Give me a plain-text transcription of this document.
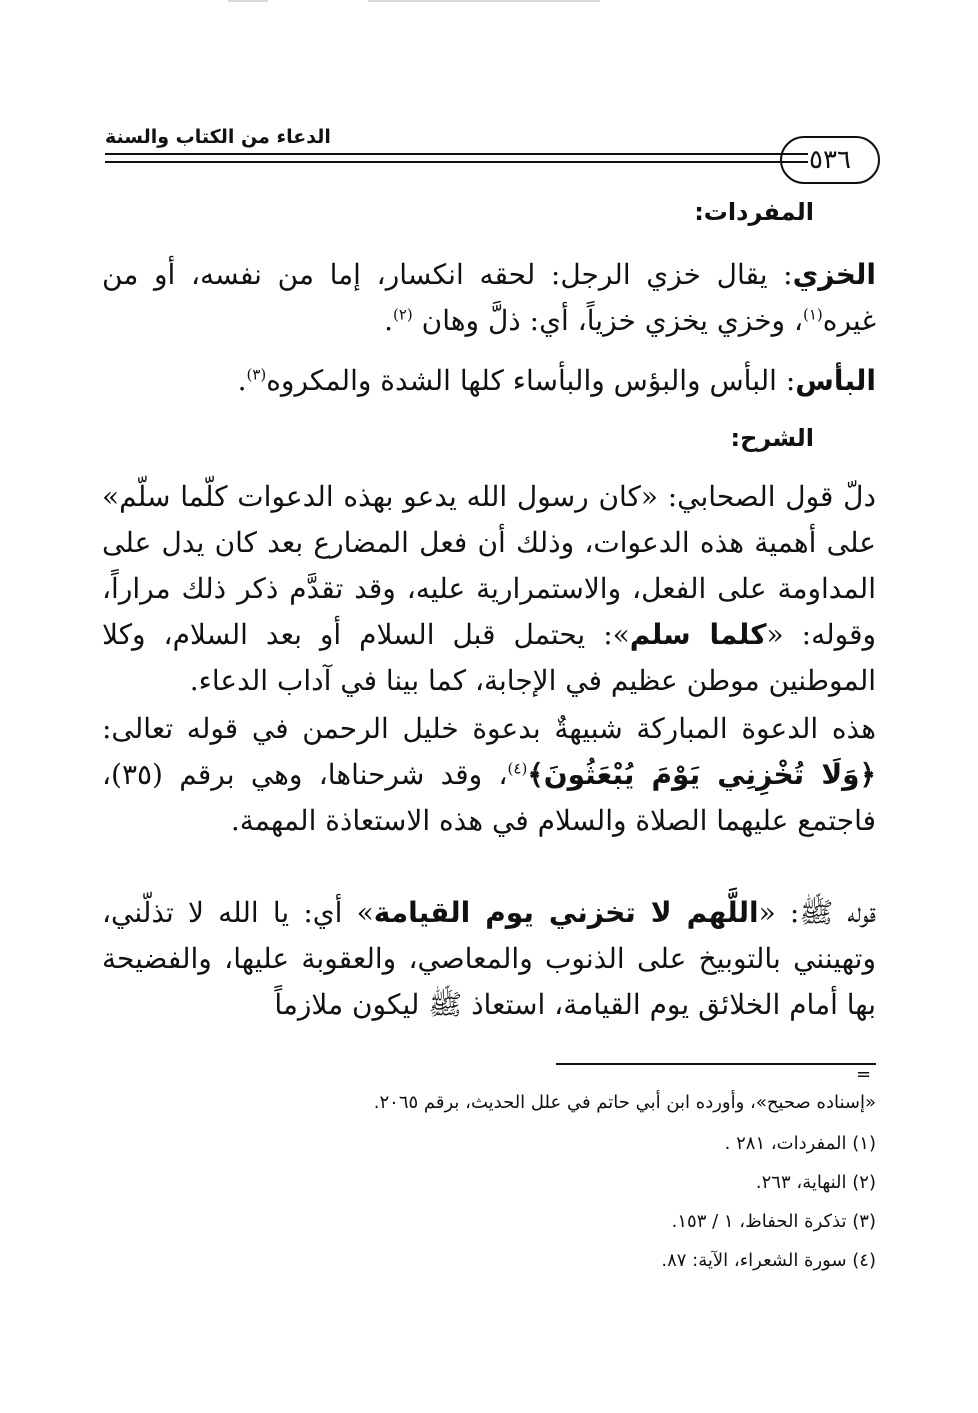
٥٣٦
الدعاء من الكتاب والسنة
المفردات:
الخزي: يقال خزي الرجل: لحقه انكسار، إما من نفسه، أو من غيره$^{(١)}$، وخزي يخزي خزياً، أي: ذلَّ وهان $^{(٢)}$.
البأس: البأس والبؤس والبأساء كلها الشدة والمكروه$^{(٣)}$.
الشرح:
دلّ قول الصحابي: «كان رسول الله يدعو بهذه الدعوات كلّما سلّم» على أهمية هذه الدعوات، وذلك أن فعل المضارع بعد كان يدل على المداومة على الفعل، والاستمرارية عليه، وقد تقدَّم ذكر ذلك مراراً، وقوله: «كلما سلم»: يحتمل قبل السلام أو بعد السلام، وكلا الموطنين موطن عظيم في الإجابة، كما بينا في آداب الدعاء.
هذه الدعوة المباركة شبيهةٌ بدعوة خليل الرحمن في قوله تعالى: ﴿وَلَا تُخْزِنِي يَوْمَ يُبْعَثُونَ﴾$^{(٤)}$، وقد شرحناها، وهي برقم (٣٥)، فاجتمع عليهما الصلاة والسلام في هذه الاستعاذة المهمة.
قوله ﷺ: «اللَّهم لا تخزني يوم القيامة» أي: يا الله لا تذلّني، وتهينني بالتوبيخ على الذنوب والمعاصي، والعقوبة عليها، والفضيحة بها أمام الخلائق يوم القيامة، استعاذ ﷺ ليكون ملازماً
=
«إسناده صحيح»، وأورده ابن أبي حاتم في علل الحديث، برقم ٢٠٦٥.
(١) المفردات، ٢٨١ .
(٢) النهاية، ٢٦٣.
(٣) تذكرة الحفاظ، ١ / ١٥٣.
(٤) سورة الشعراء، الآية: ٨٧.
